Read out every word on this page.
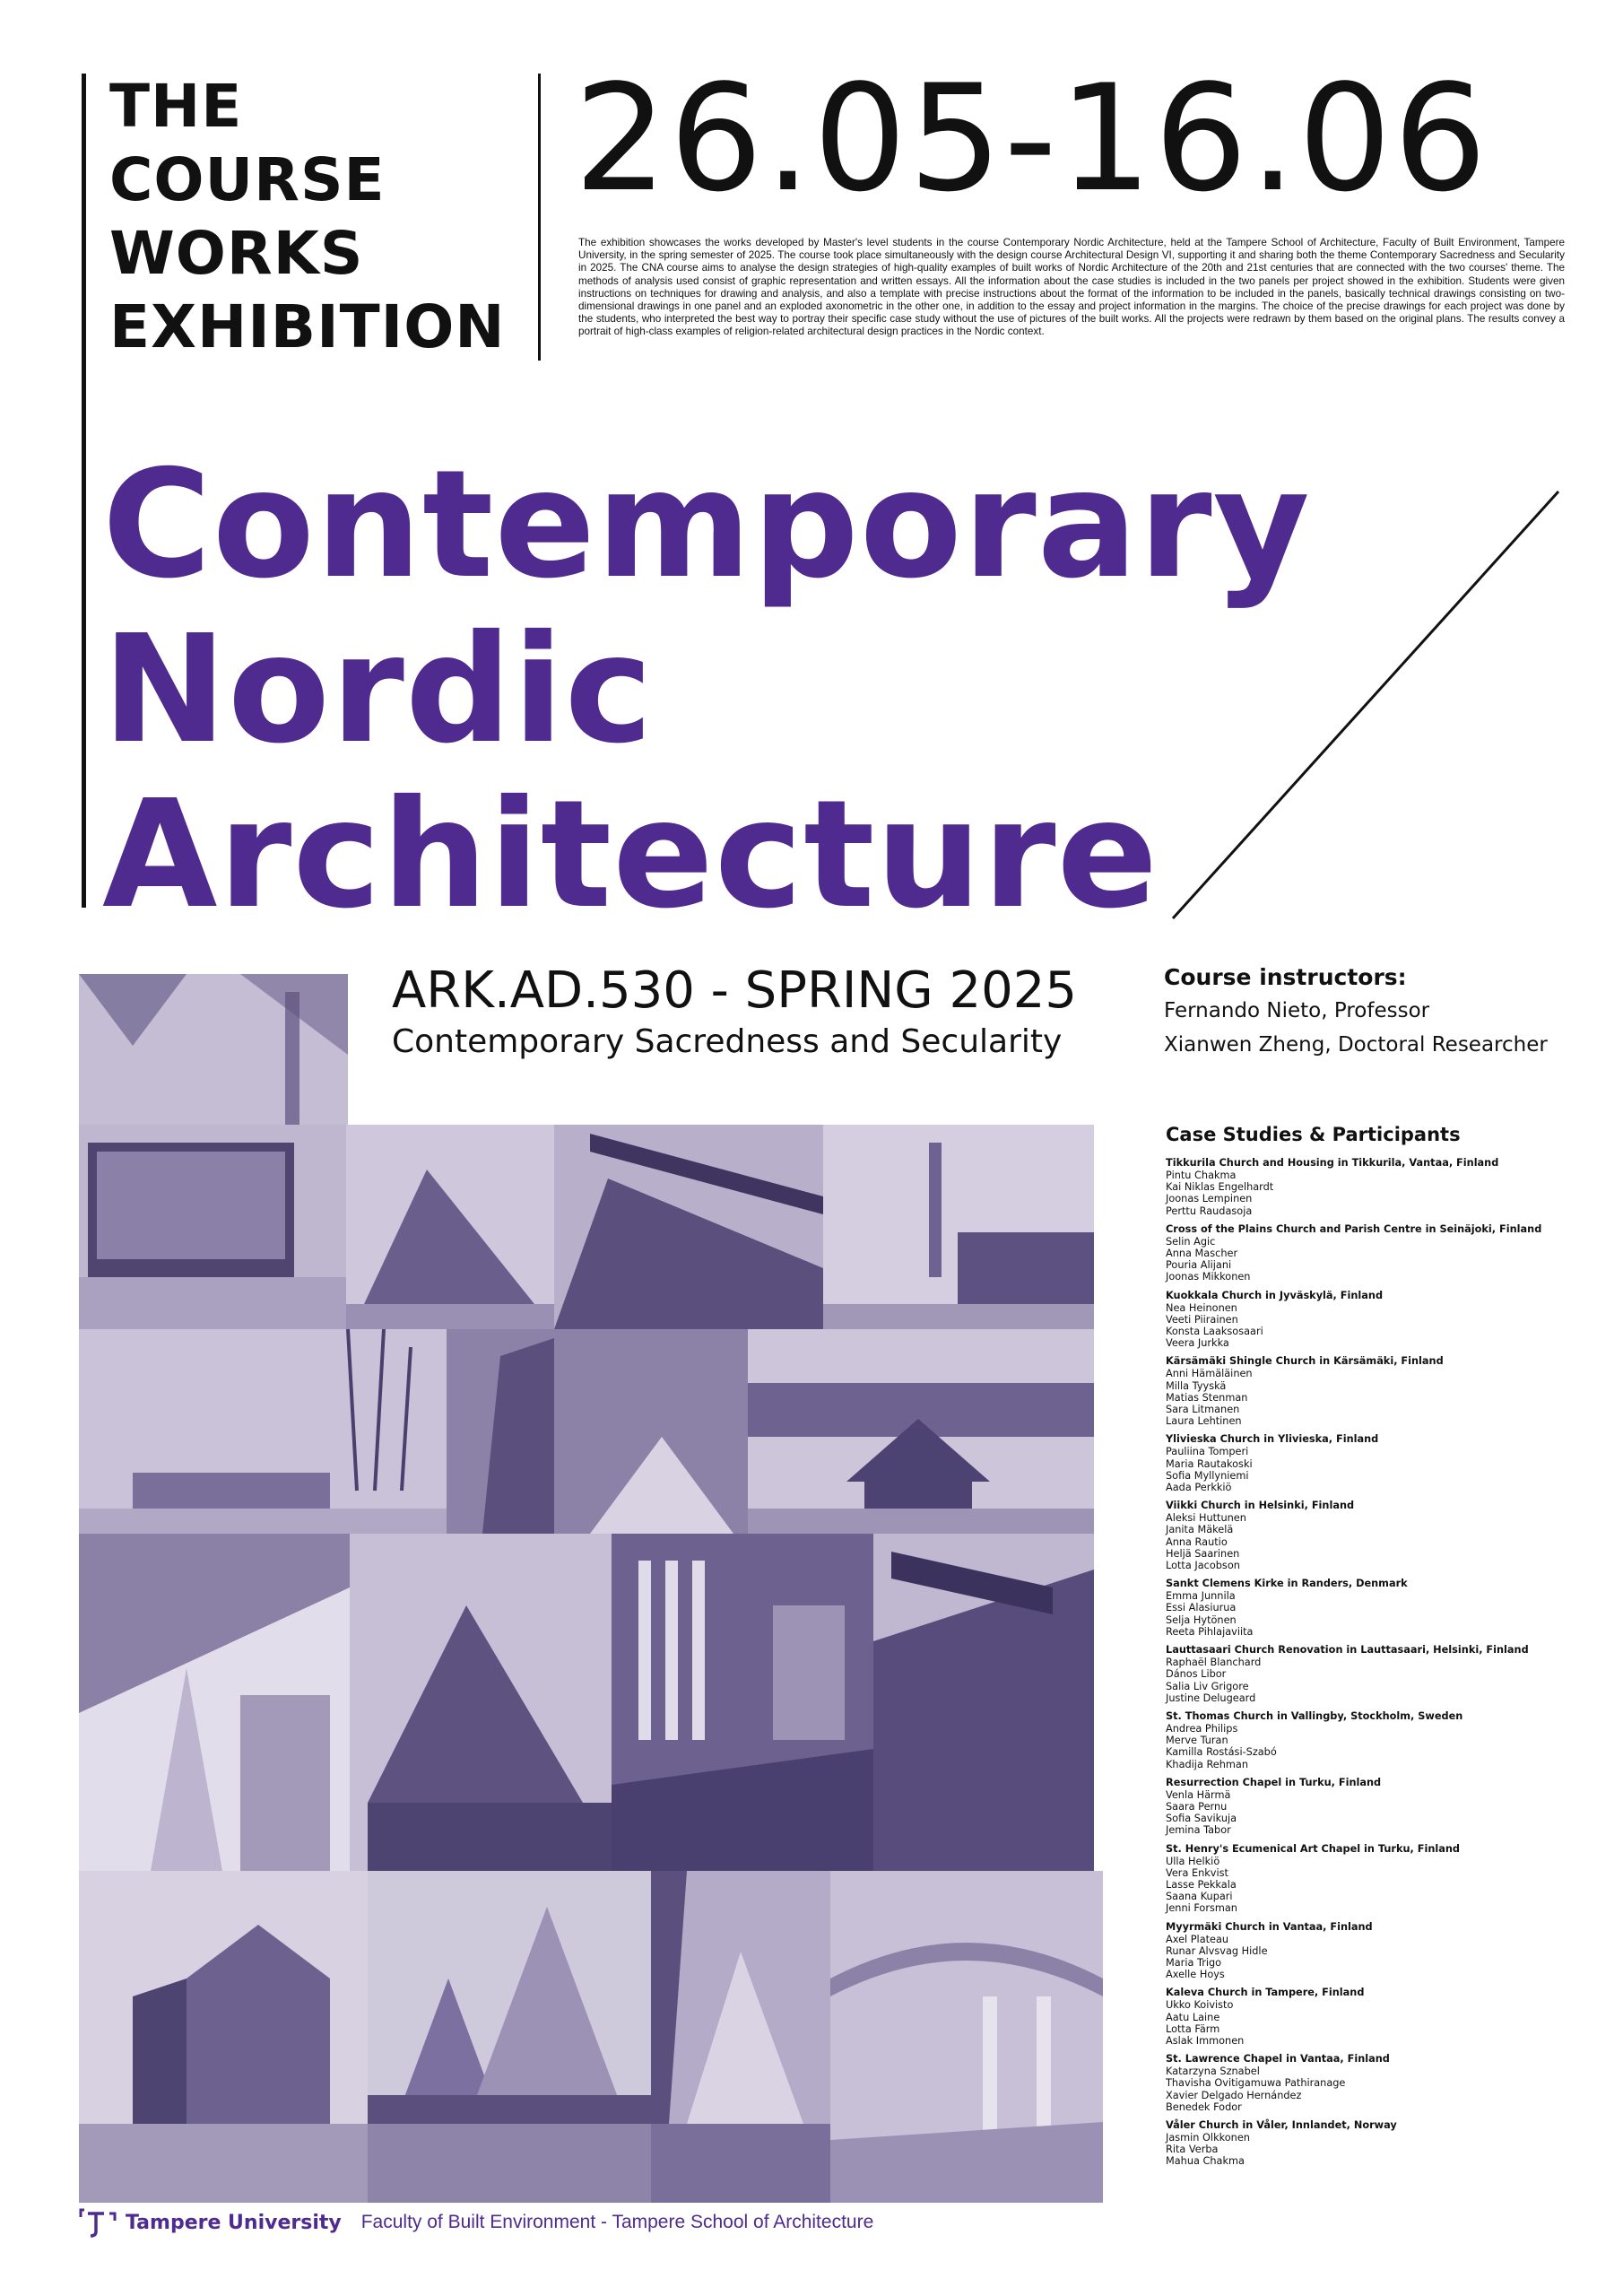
THE
COURSE
WORKS
EXHIBITION
26.05-16.06
The exhibition showcases the works developed by Master's level students in the course Contemporary Nordic Architecture, held at the Tampere School of Architecture, Faculty of Built Environment, Tampere University, in the spring semester of 2025. The course took place simultaneously with the design course Architectural Design VI, supporting it and sharing both the theme Contemporary Sacredness and Secularity in 2025. The CNA course aims to analyse the design strategies of high-quality examples of built works of Nordic Architecture of the 20th and 21st centuries that are connected with the two courses' theme. The methods of analysis used consist of graphic representation and written essays. All the information about the case studies is included in the two panels per project showed in the exhibition. Students were given instructions on techniques for drawing and analysis, and also a template with precise instructions about the format of the information to be included in the panels, basically technical drawings consisting on two-dimensional drawings in one panel and an exploded axonometric in the other one, in addition to the essay and project information in the margins. The choice of the precise drawings for each project was done by the students, who interpreted the best way to portray their specific case study without the use of pictures of the built works. All the projects were redrawn by them based on the original plans. The results convey a portrait of high-class examples of religion-related architectural design practices in the Nordic context.
Contemporary
Nordic
Architecture
ARK.AD.530 - SPRING 2025
Contemporary Sacredness and Secularity
Course instructors:
Fernando Nieto, Professor
Xianwen Zheng, Doctoral Researcher
Case Studies & Participants
Tikkurila Church and Housing in Tikkurila, Vantaa, Finland
Pintu Chakma
Kai Niklas Engelhardt
Joonas Lempinen
Perttu Raudasoja
Cross of the Plains Church and Parish Centre in Seinäjoki, Finland
Selin Agic
Anna Mascher
Pouria Alijani
Joonas Mikkonen
Kuokkala Church in Jyväskylä, Finland
Nea Heinonen
Veeti Piirainen
Konsta Laaksosaari
Veera Jurkka
Kärsämäki Shingle Church in Kärsämäki, Finland
Anni Hämäläinen
Milla Tyyskä
Matias Stenman
Sara Litmanen
Laura Lehtinen
Ylivieska Church in Ylivieska, Finland
Pauliina Tomperi
Maria Rautakoski
Sofia Myllyniemi
Aada Perkkiö
Viikki Church in Helsinki, Finland
Aleksi Huttunen
Janita Mäkelä
Anna Rautio
Heljä Saarinen
Lotta Jacobson
Sankt Clemens Kirke in Randers, Denmark
Emma Junnila
Essi Alasiurua
Selja Hytönen
Reeta Pihlajaviita
Lauttasaari Church Renovation in Lauttasaari, Helsinki, Finland
Raphaël Blanchard
Dános Libor
Salia Liv Grigore
Justine Delugeard
St. Thomas Church in Vallingby, Stockholm, Sweden
Andrea Philips
Merve Turan
Kamilla Rostási-Szabó
Khadija Rehman
Resurrection Chapel in Turku, Finland
Venla Härmä
Saara Pernu
Sofia Savikuja
Jemina Tabor
St. Henry's Ecumenical Art Chapel in Turku, Finland
Ulla Helkiö
Vera Enkvist
Lasse Pekkala
Saana Kupari
Jenni Forsman
Myyrmäki Church in Vantaa, Finland
Axel Plateau
Runar Alvsvag Hidle
Maria Trigo
Axelle Hoys
Kaleva Church in Tampere, Finland
Ukko Koivisto
Aatu Laine
Lotta Färm
Aslak Immonen
St. Lawrence Chapel in Vantaa, Finland
Katarzyna Sznabel
Thavisha Ovitigamuwa Pathiranage
Xavier Delgado Hernández
Benedek Fodor
Våler Church in Våler, Innlandet, Norway
Jasmin Olkkonen
Rita Verba
Mahua Chakma
Tampere University Faculty of Built Environment - Tampere School of Architecture
